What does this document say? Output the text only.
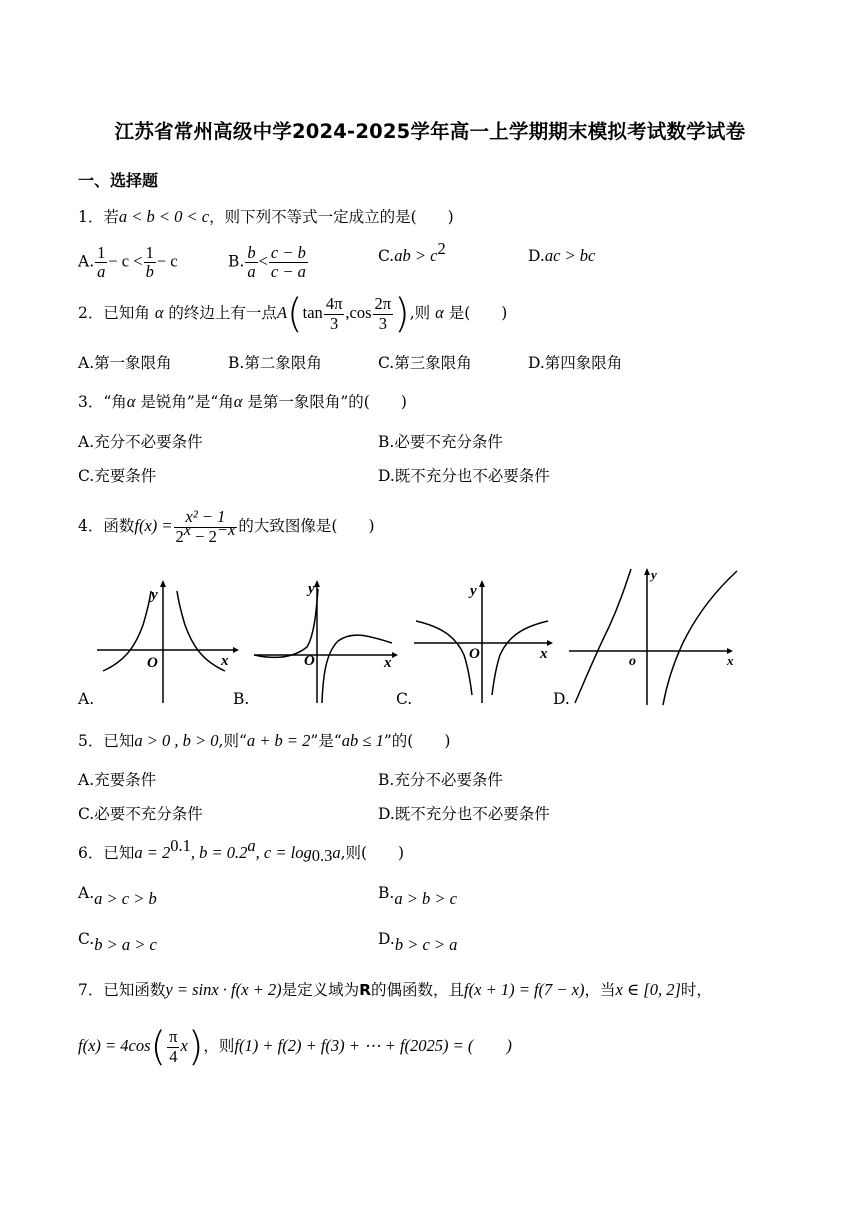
江苏省常州高级中学2024-2025学年高一上学期期末模拟考试数学试卷
一、选择题
1．若a < b < 0 < c，则下列不等式一定成立的是(　　)
A. $\frac{1}{a} - c < \frac{1}{b} - c$	B. $\frac{b}{a} < \frac{c - b}{c - a}$	$C.ab > c^2$	D.ac > bc
2．已知角 α 的终边上有一点$A(\tan \frac{4\pi}{3} ,\cos \frac{2\pi}{3}$ ),则 α 是(　　)
A.第一象限角	B.第二象限角	C.第三象限角	D.第四象限角
3．“角α 是锐角”是“角α 是第一象限角”的(　　)
A.充分不必要条件	B.必要不充分条件
C.充要条件	D.既不充分也不必要条件
4．函数$f(x) = \frac{\text{x² − 1}}{2^x - 2^{-x}}$ 的大致图像是(　　)
y
O	x
y
O	x
y
O	x
y
o	x
A.	B.	C.	D.
5．已知a > 0 , b > 0,则“a + b = 2”是“ab ≤ 1”的(　　)
A.充要条件	B.充分不必要条件
C.必要不充分条件	D.既不充分也不必要条件
6．已知$a = 2^{0.1}$, b = 0.2$^a$, $c = \log_{0.3}a$,则(　　)
A.a > c > b	B.a > b > c
C.b > a > c	D.b > c > a
7．已知函数y = sinx · f(x + 2)是定义域为R的偶函数，且f(x + 1) = f(7 − x)，当x ∈ [0, 2]时，
$f(x) = 4\cos( \frac{\pi}{4} x)$，则f(1) + f(2) + f(3) + ⋯ + f(2025) = (　　)
